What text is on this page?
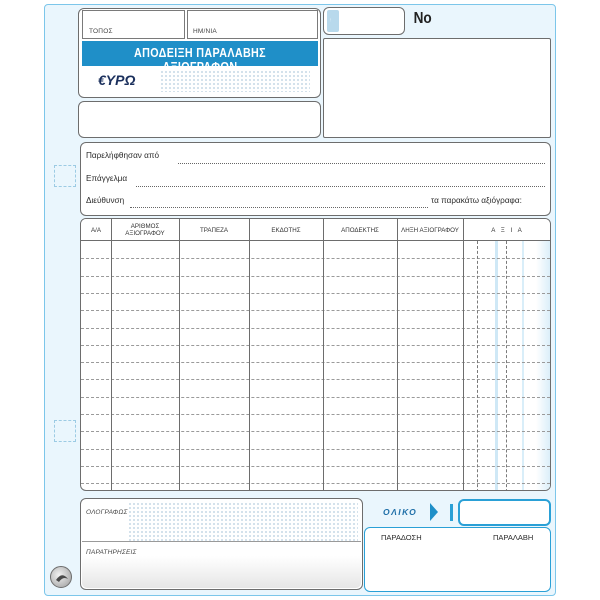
ΤΟΠΟΣ	ΗΜ/ΝΙΑ
ΑΠΟΔΕΙΞΗ ΠΑΡΑΛΑΒΗΣ
€ΥΡΩ
⋯	Νο
Παρελήφθησαν από
Επάγγελμα
Διεύθυνση	τα παρακάτω αξιόγραφα:
Α/Α	ΑΡΙΘΜΟΣ ΑΞΙΟΓΡΑΦΟΥ	ΤΡΑΠΕΖΑ	ΕΚΔΟΤΗΣ	ΑΠΟΔΕΚΤΗΣ	ΛΗΞΗ ΑΞΙΟΓΡΑΦΟΥ	Α Ξ Ι Α
ΟΛΟΓΡΑΦΩΣ
ΠΑΡΑΤΗΡΗΣΕΙΣ
ΟΛΙΚΟ
ΠΑΡΑΔΟΣΗ	ΠΑΡΑΛΑΒΗ
